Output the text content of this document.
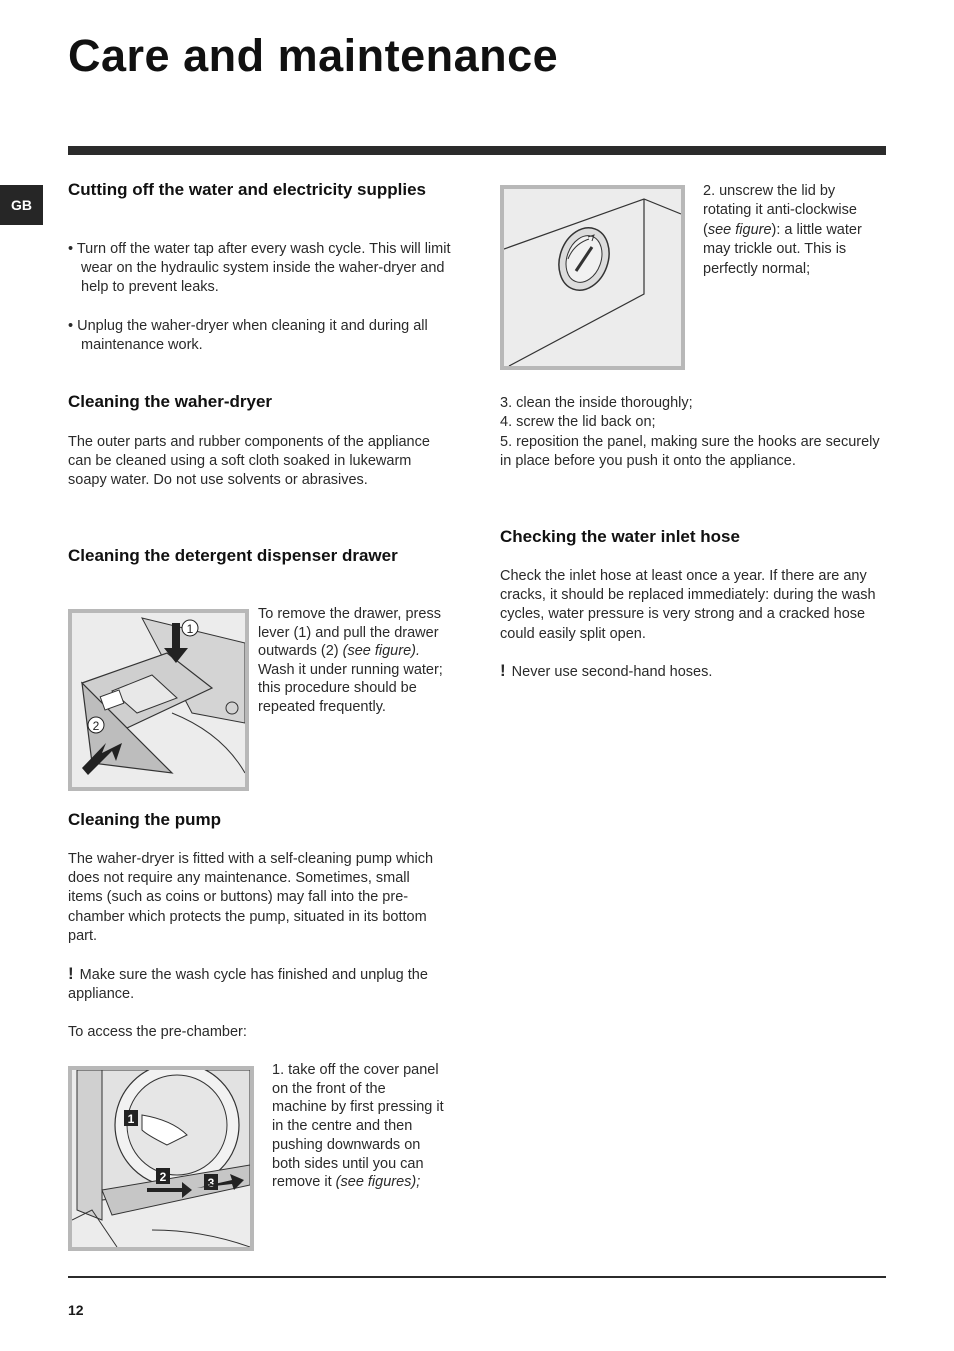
Care and maintenance
GB
Cutting off the water and electricity supplies

• Turn off the water tap after every wash cycle. This will limit wear on the hydraulic system inside the waher-dryer and help to prevent leaks.

• Unplug the waher-dryer when cleaning it and during all maintenance work.

Cleaning the waher-dryer

The outer parts and rubber components of the appliance can be cleaned using a soft cloth soaked in lukewarm soapy water. Do not use solvents or abrasives.

Cleaning the detergent dispenser drawer
1
2

To remove the drawer, press lever (1) and pull the drawer outwards (2) (see figure).
Wash it under running water; this procedure should be repeated frequently.

Cleaning the pump

The waher-dryer is fitted with a self-cleaning pump which does not require any maintenance. Sometimes, small items (such as coins or buttons) may fall into the pre-chamber which protects the pump, situated in its bottom part.

! Make sure the wash cycle has finished and unplug the appliance.

To access the pre-chamber:

1
2	3

1. take off the cover panel on the front of the machine by first pressing it in the centre and then pushing downwards on both sides until you can remove it (see figures);

2. unscrew the lid by rotating it anti-clockwise (see figure): a little water may trickle out. This is perfectly normal;

3. clean the inside thoroughly;

4. screw the lid back on;

5. reposition the panel, making sure the hooks are securely in place before you push it onto the appliance.

Checking the water inlet hose

Check the inlet hose at least once a year. If there are any cracks, it should be replaced immediately: during the wash cycles, water pressure is very strong and a cracked hose could easily split open.

! Never use second-hand hoses.

12
